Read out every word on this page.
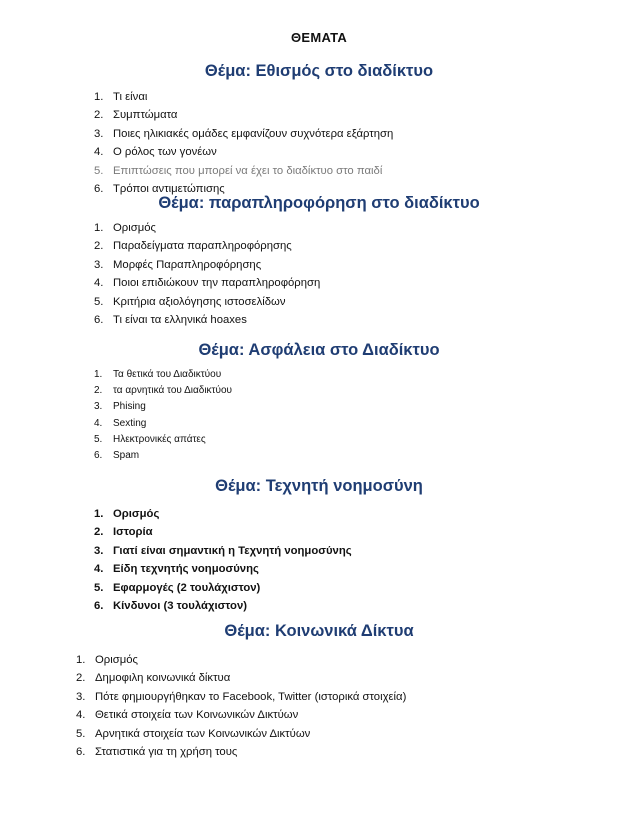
ΘΕΜΑΤΑ
Θέμα: Εθισμός στο διαδίκτυο
1. Τι είναι
2. Συμπτώματα
3. Ποιες ηλικιακές ομάδες εμφανίζουν συχνότερα εξάρτηση
4. Ο ρόλος των γονέων
5. Επιπτώσεις που μπορεί να έχει το διαδίκτυο στο παιδί
6. Τρόποι αντιμετώπισης
Θέμα: παραπληροφόρηση στο διαδίκτυο
1. Ορισμός
2. Παραδείγματα παραπληροφόρησης
3. Μορφές Παραπληροφόρησης
4. Ποιοι επιδιώκουν την παραπληροφόρηση
5. Κριτήρια αξιολόγησης ιστοσελίδων
6. Τι είναι τα ελληνικά hoaxes
Θέμα: Ασφάλεια στο Διαδίκτυο
1. Τα θετικά του Διαδικτύου
2. τα αρνητικά του Διαδικτύου
3. Phising
4. Sexting
5. Ηλεκτρονικές απάτες
6. Spam
Θέμα: Τεχνητή νοημοσύνη
1. Ορισμός
2. Ιστορία
3. Γιατί είναι σημαντική η Τεχνητή νοημοσύνης
4. Είδη τεχνητής νοημοσύνης
5. Εφαρμογές (2 τουλάχιστον)
6. Κίνδυνοι (3 τουλάχιστον)
Θέμα: Κοινωνικά Δίκτυα
1. Ορισμός
2. Δημοφιλη κοινωνικά δίκτυα
3. Πότε φημιουργήθηκαν το Facebook, Twitter (ιστορικά στοιχεία)
4. Θετικά στοιχεία των Κοινωνικών Δικτύων
5. Αρνητικά στοιχεία των Κοινωνικών Δικτύων
6. Στατιστικά για τη χρήση τους
